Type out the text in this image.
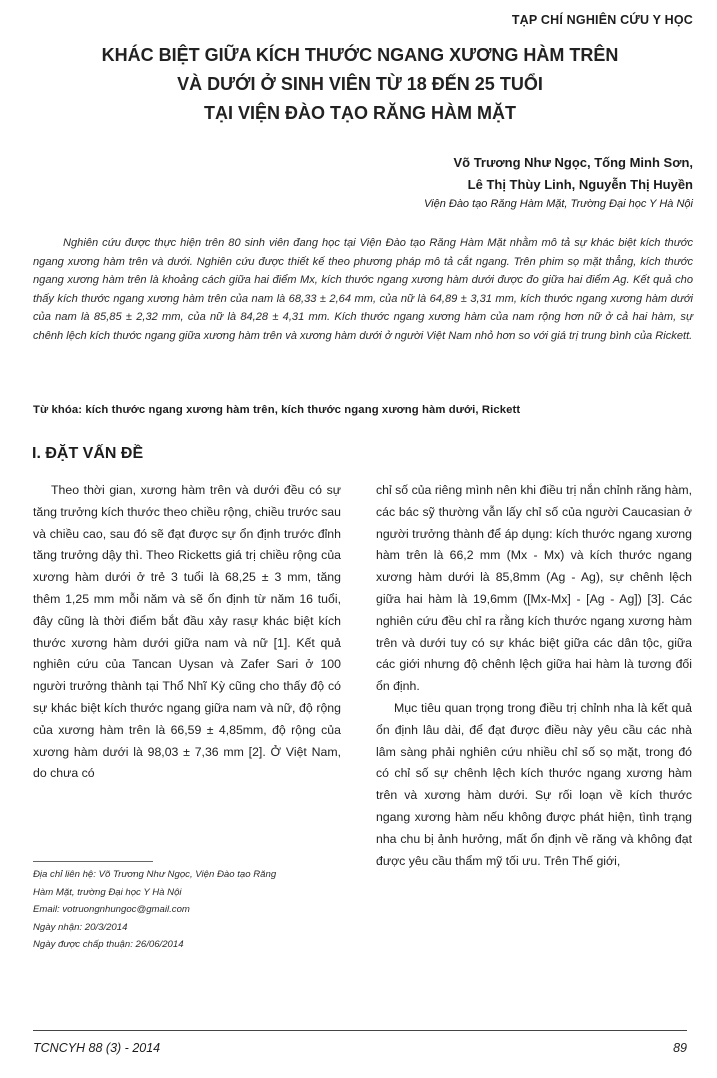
TẠP CHÍ NGHIÊN CỨU Y HỌC
KHÁC BIỆT GIỮA KÍCH THƯỚC NGANG XƯƠNG HÀM TRÊN
VÀ DƯỚI Ở SINH VIÊN TỪ 18 ĐẾN 25 TUỔI
TẠI VIỆN ĐÀO TẠO RĂNG HÀM MẶT
Võ Trương Như Ngọc, Tống Minh Sơn,
Lê Thị Thùy Linh, Nguyễn Thị Huyền
Viện Đào tạo Răng Hàm Mặt, Trường Đại học Y Hà Nội
Nghiên cứu được thực hiện trên 80 sinh viên đang học tại Viện Đào tạo Răng Hàm Mặt nhằm mô tả sự khác biệt kích thước ngang xương hàm trên và dưới. Nghiên cứu được thiết kế theo phương pháp mô tả cắt ngang. Trên phim sọ mặt thẳng, kích thước ngang xương hàm trên là khoảng cách giữa hai điểm Mx, kích thước ngang xương hàm dưới được đo giữa hai điểm Ag. Kết quả cho thấy kích thước ngang xương hàm trên của nam là 68,33 ± 2,64 mm, của nữ là 64,89 ± 3,31 mm, kích thước ngang xương hàm dưới của nam là 85,85 ± 2,32 mm, của nữ là 84,28 ± 4,31 mm. Kích thước ngang xương hàm của nam rộng hơn nữ ở cả hai hàm, sự chênh lệch kích thước ngang giữa xương hàm trên và xương hàm dưới ở người Việt Nam nhỏ hơn so với giá trị trung bình của Rickett.
Từ khóa: kích thước ngang xương hàm trên, kích thước ngang xương hàm dưới, Rickett
I. ĐẶT VẤN ĐỀ

Theo thời gian, xương hàm trên và dưới đều có sự tăng trưởng kích thước theo chiều rộng, chiều trước sau và chiều cao, sau đó sẽ đạt được sự ổn định trước đỉnh tăng trưởng dậy thì. Theo Ricketts giá trị chiều rộng của xương hàm dưới ở trẻ 3 tuổi là 68,25 ± 3 mm, tăng thêm 1,25 mm mỗi năm và sẽ ổn định từ năm 16 tuổi, đây cũng là thời điểm bắt đầu xảy rasự khác biệt kích thước xương hàm dưới giữa nam và nữ [1]. Kết quả nghiên cứu của Tancan Uysan và Zafer Sari ở 100 người trưởng thành tại Thổ Nhĩ Kỳ cũng cho thấy độ có sự khác biệt kích thước ngang giữa nam và nữ, độ rộng của xương hàm trên là 66,59 ± 4,85mm, độ rộng của xương hàm dưới là 98,03 ± 7,36 mm [2]. Ở Việt Nam, do chưa có

chỉ số của riêng mình nên khi điều trị nắn chỉnh răng hàm, các bác sỹ thường vẫn lấy chỉ số của người Caucasian ở người trưởng thành để áp dụng: kích thước ngang xương hàm trên là 66,2 mm (Mx - Mx) và kích thước ngang xương hàm dưới là 85,8mm (Ag - Ag), sự chênh lệch giữa hai hàm là 19,6mm ([Mx-Mx] - [Ag - Ag]) [3]. Các nghiên cứu đều chỉ ra rằng kích thước ngang xương hàm trên và dưới tuy có sự khác biệt giữa các dân tộc, giữa các giới nhưng độ chênh lệch giữa hai hàm là tương đối ổn định.

Mục tiêu quan trọng trong điều trị chỉnh nha là kết quả ổn định lâu dài, để đạt được điều này yêu cầu các nhà lâm sàng phải nghiên cứu nhiều chỉ số sọ mặt, trong đó có chỉ số sự chênh lệch kích thước ngang xương hàm trên và xương hàm dưới. Sự rối loạn về kích thước ngang xương hàm nếu không được phát hiện, tình trạng nha chu bị ảnh hưởng, mất ổn định về răng và không đạt được yêu cầu thẩm mỹ tối ưu. Trên Thế giới,

Địa chỉ liên hệ: Võ Trương Như Ngọc, Viện Đào tạo Răng
Hàm Mặt, trường Đại học Y Hà Nội
Email: votruongnhungoc@gmail.com
Ngày nhận: 20/3/2014
Ngày được chấp thuận: 26/06/2014
TCNCYH 88 (3) - 2014	89
